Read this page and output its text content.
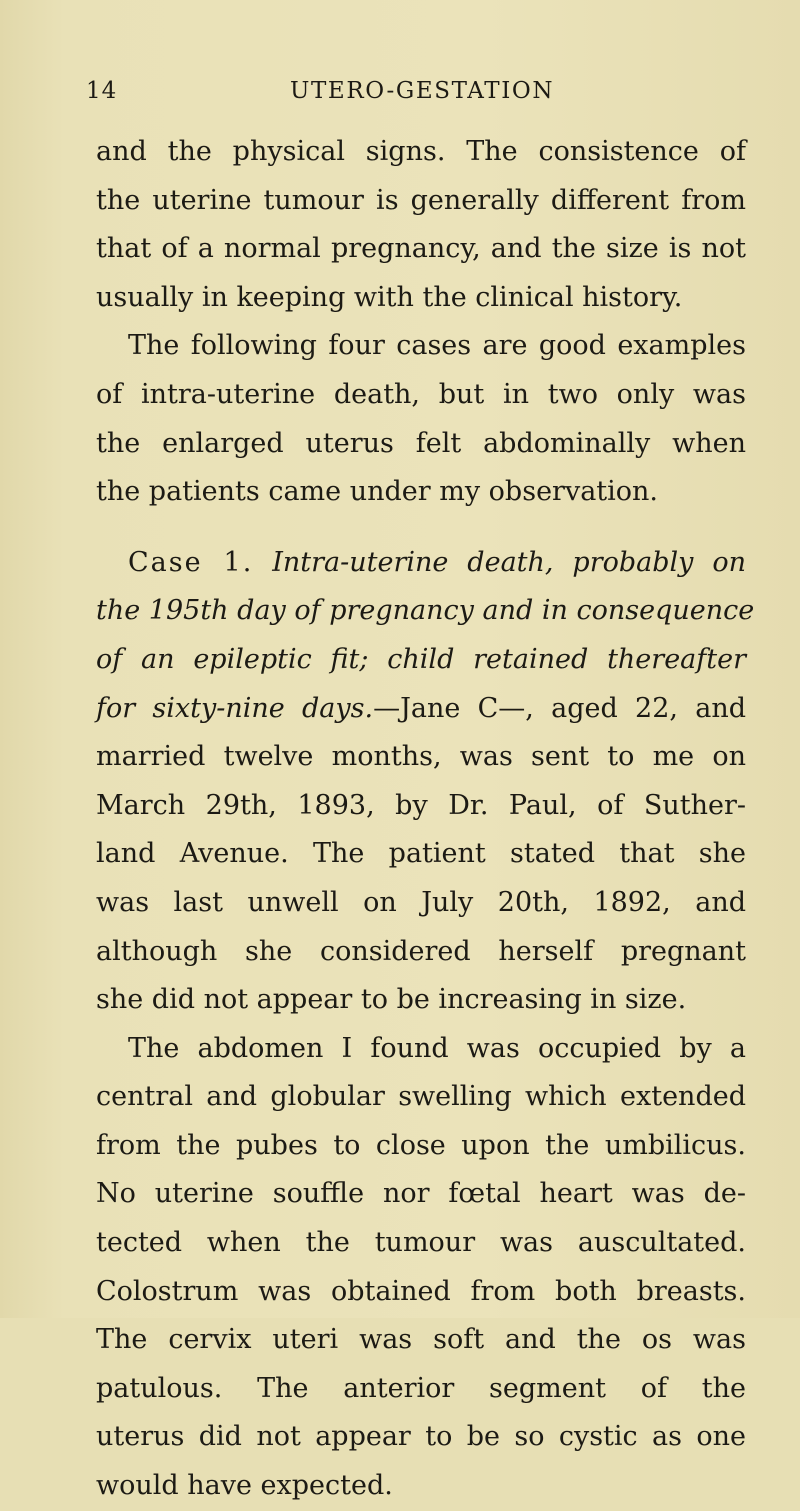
14	UTERO-GESTATION
and the physical signs. The consistence of
the uterine tumour is generally different from
that of a normal pregnancy, and the size is not
usually in keeping with the clinical history.
The following four cases are good examples
of intra-uterine death, but in two only was
the enlarged uterus felt abdominally when
the patients came under my observation.
Case 1. Intra-uterine death, probably on
the 195th day of pregnancy and in consequence
of an epileptic fit; child retained thereafter
for sixty-nine days.—Jane C—, aged 22, and
married twelve months, was sent to me on
March 29th, 1893, by Dr. Paul, of Suther-
land Avenue. The patient stated that she
was last unwell on July 20th, 1892, and
although she considered herself pregnant
she did not appear to be increasing in size.
The abdomen I found was occupied by a
central and globular swelling which extended
from the pubes to close upon the umbilicus.
No uterine souffle nor fœtal heart was de-
tected when the tumour was auscultated.
Colostrum was obtained from both breasts.
The cervix uteri was soft and the os was
patulous. The anterior segment of the
uterus did not appear to be so cystic as one
would have expected.
